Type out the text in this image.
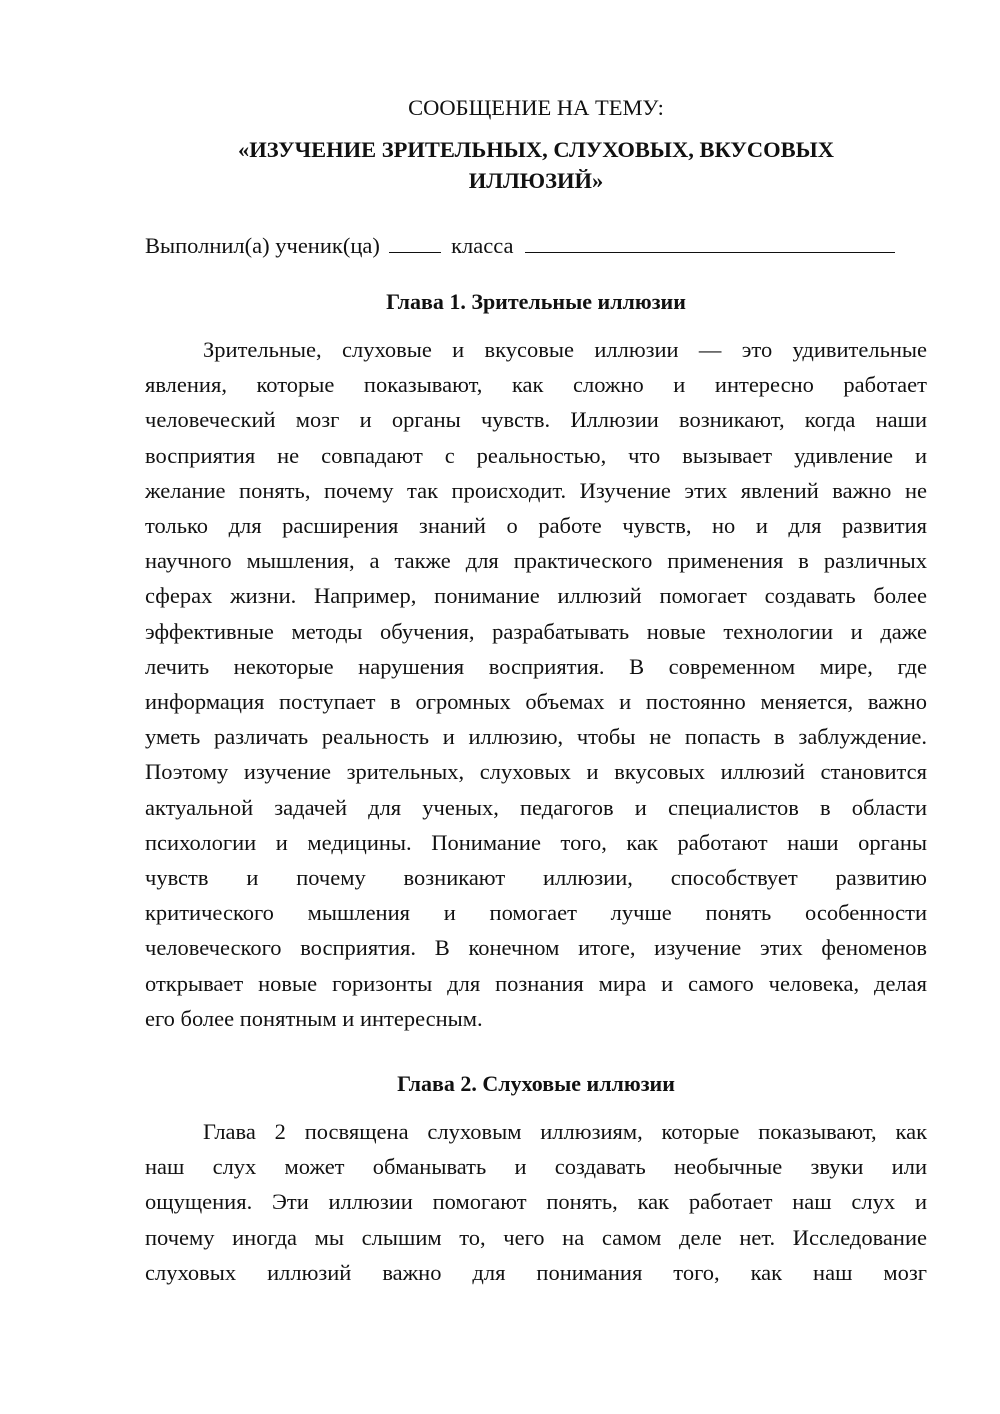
СООБЩЕНИЕ НА ТЕМУ:

«ИЗУЧЕНИЕ ЗРИТЕЛЬНЫХ, СЛУХОВЫХ, ВКУСОВЫХ ИЛЛЮЗИЙ»

Выполнил(а) ученик(ца)	класса

Глава 1. Зрительные иллюзии

Зрительные, слуховые и вкусовые иллюзии — это удивительные
явления, которые показывают, как сложно и интересно работает
человеческий мозг и органы чувств. Иллюзии возникают, когда наши
восприятия не совпадают с реальностью, что вызывает удивление и
желание понять, почему так происходит. Изучение этих явлений важно не
только для расширения знаний о работе чувств, но и для развития
научного мышления, а также для практического применения в различных
сферах жизни. Например, понимание иллюзий помогает создавать более
эффективные методы обучения, разрабатывать новые технологии и даже
лечить некоторые нарушения восприятия. В современном мире, где
информация поступает в огромных объемах и постоянно меняется, важно
уметь различать реальность и иллюзию, чтобы не попасть в заблуждение.
Поэтому изучение зрительных, слуховых и вкусовых иллюзий становится
актуальной задачей для ученых, педагогов и специалистов в области
психологии и медицины. Понимание того, как работают наши органы
чувств и почему возникают иллюзии, способствует развитию
критического мышления и помогает лучше понять особенности
человеческого восприятия. В конечном итоге, изучение этих феноменов
открывает новые горизонты для познания мира и самого человека, делая
его более понятным и интересным.

Глава 2. Слуховые иллюзии

Глава 2 посвящена слуховым иллюзиям, которые показывают, как
наш слух может обманывать и создавать необычные звуки или
ощущения. Эти иллюзии помогают понять, как работает наш слух и
почему иногда мы слышим то, чего на самом деле нет. Исследование
слуховых иллюзий важно для понимания того, как наш мозг
